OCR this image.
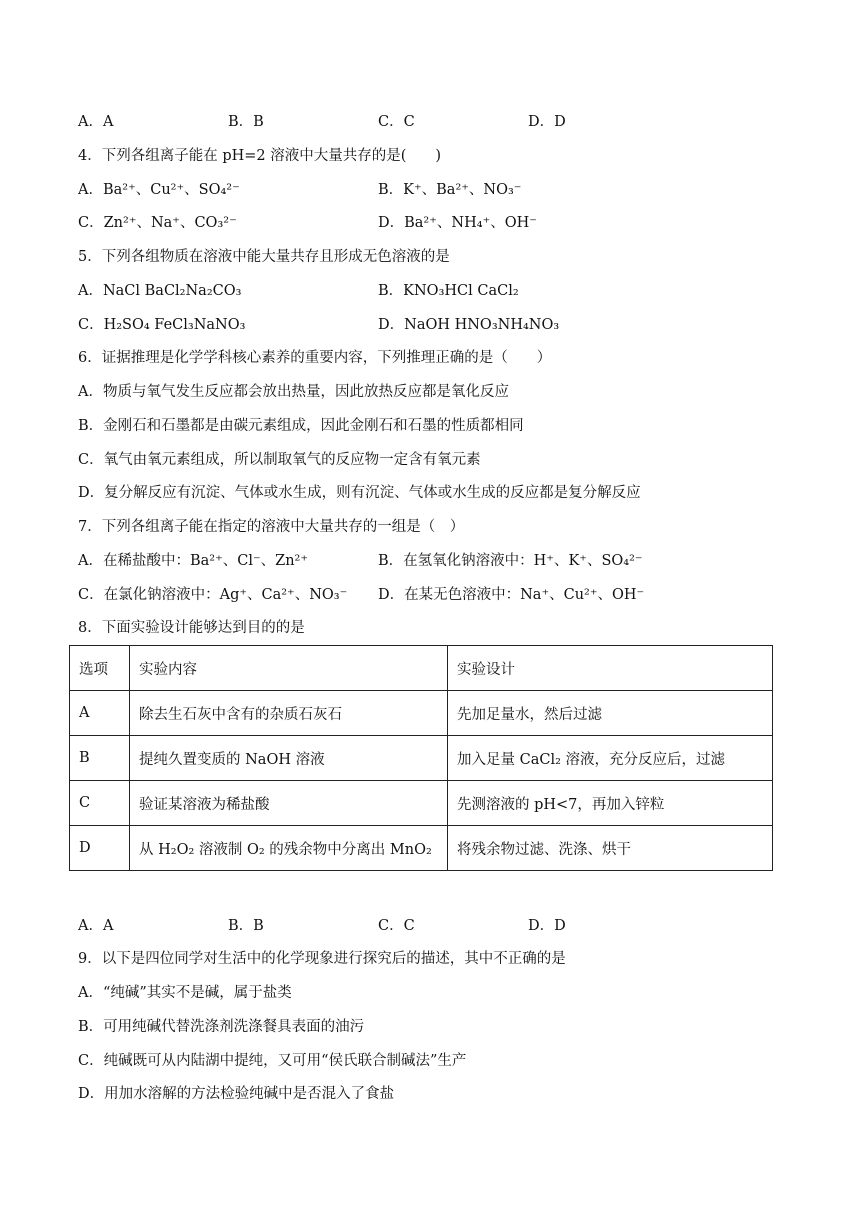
A．A	B．B	C．C	D．D
4．下列各组离子能在 pH=2 溶液中大量共存的是(　　)
A．Ba²⁺、Cu²⁺、SO₄²⁻	B．K⁺、Ba²⁺、NO₃⁻
C．Zn²⁺、Na⁺、CO₃²⁻	D．Ba²⁺、NH₄⁺、OH⁻
5．下列各组物质在溶液中能大量共存且形成无色溶液的是
A．NaCl BaCl₂Na₂CO₃	B．KNO₃HCl CaCl₂
C．H₂SO₄ FeCl₃NaNO₃	D．NaOH HNO₃NH₄NO₃
6．证据推理是化学学科核心素养的重要内容，下列推理正确的是（　　）
A．物质与氧气发生反应都会放出热量，因此放热反应都是氧化反应
B．金刚石和石墨都是由碳元素组成，因此金刚石和石墨的性质都相同
C．氧气由氧元素组成，所以制取氧气的反应物一定含有氧元素
D．复分解反应有沉淀、气体或水生成，则有沉淀、气体或水生成的反应都是复分解反应
7．下列各组离子能在指定的溶液中大量共存的一组是（　）
A．在稀盐酸中：Ba²⁺、Cl⁻、Zn²⁺	B．在氢氧化钠溶液中：H⁺、K⁺、SO₄²⁻
C．在氯化钠溶液中：Ag⁺、Ca²⁺、NO₃⁻ D．在某无色溶液中：Na⁺、Cu²⁺、OH⁻
8．下面实验设计能够达到目的的是
选项	实验内容	实验设计
A	除去生石灰中含有的杂质石灰石	先加足量水，然后过滤
B	提纯久置变质的 NaOH 溶液	加入足量 CaCl₂ 溶液，充分反应后，过滤
C	验证某溶液为稀盐酸	先测溶液的 pH<7，再加入锌粒
D	从 H₂O₂ 溶液制 O₂ 的残余物中分离出 MnO₂	将残余物过滤、洗涤、烘干
A．A	B．B	C．C	D．D
9．以下是四位同学对生活中的化学现象进行探究后的描述，其中不正确的是
A．“纯碱”其实不是碱，属于盐类
B．可用纯碱代替洗涤剂洗涤餐具表面的油污
C．纯碱既可从内陆湖中提纯，又可用“侯氏联合制碱法”生产
D．用加水溶解的方法检验纯碱中是否混入了食盐
